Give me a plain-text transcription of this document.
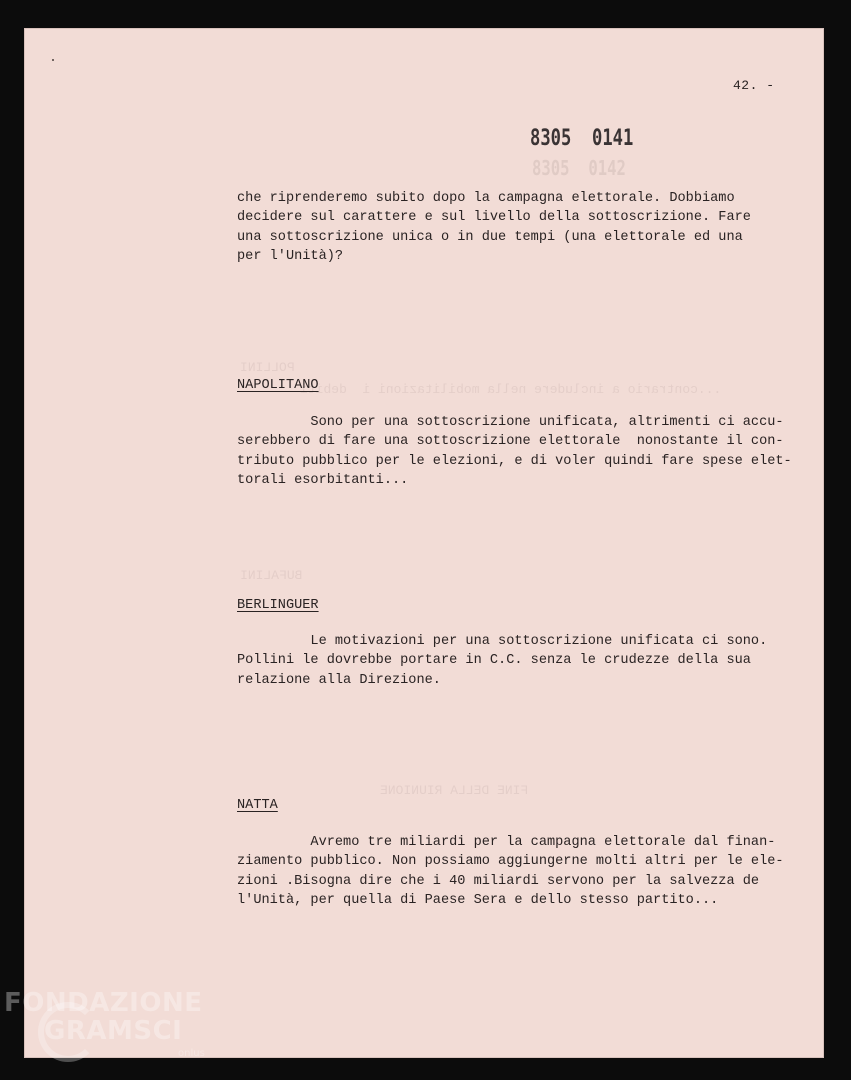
42. -
8305  0141
8305  0142
POLLINI
...contrario a includere nella mobilitazioni i  debiti
BUFALINI
FINE DELLA RIUNIONE

che riprenderemo subito dopo la campagna elettorale. Dobbiamo
decidere sul carattere e sul livello della sottoscrizione. Fare
una sottoscrizione unica o in due tempi (una elettorale ed una
per l'Unità)?

NAPOLITANO

Sono per una sottoscrizione unificata, altrimenti ci accu-
serebbero di fare una sottoscrizione elettorale  nonostante il con-
tributo pubblico per le elezioni, e di voler quindi fare spese elet-
torali esorbitanti...

BERLINGUER

Le motivazioni per una sottoscrizione unificata ci sono.
Pollini le dovrebbe portare in C.C. senza le crudezze della sua
relazione alla Direzione.

NATTA

Avremo tre miliardi per la campagna elettorale dal finan-
ziamento pubblico. Non possiamo aggiungerne molti altri per le ele-
zioni .Bisogna dire che i 40 miliardi servono per la salvezza de
l'Unità, per quella di Paese Sera e dello stesso partito...

FONDAZIONE
GRAMSCI
onlus
